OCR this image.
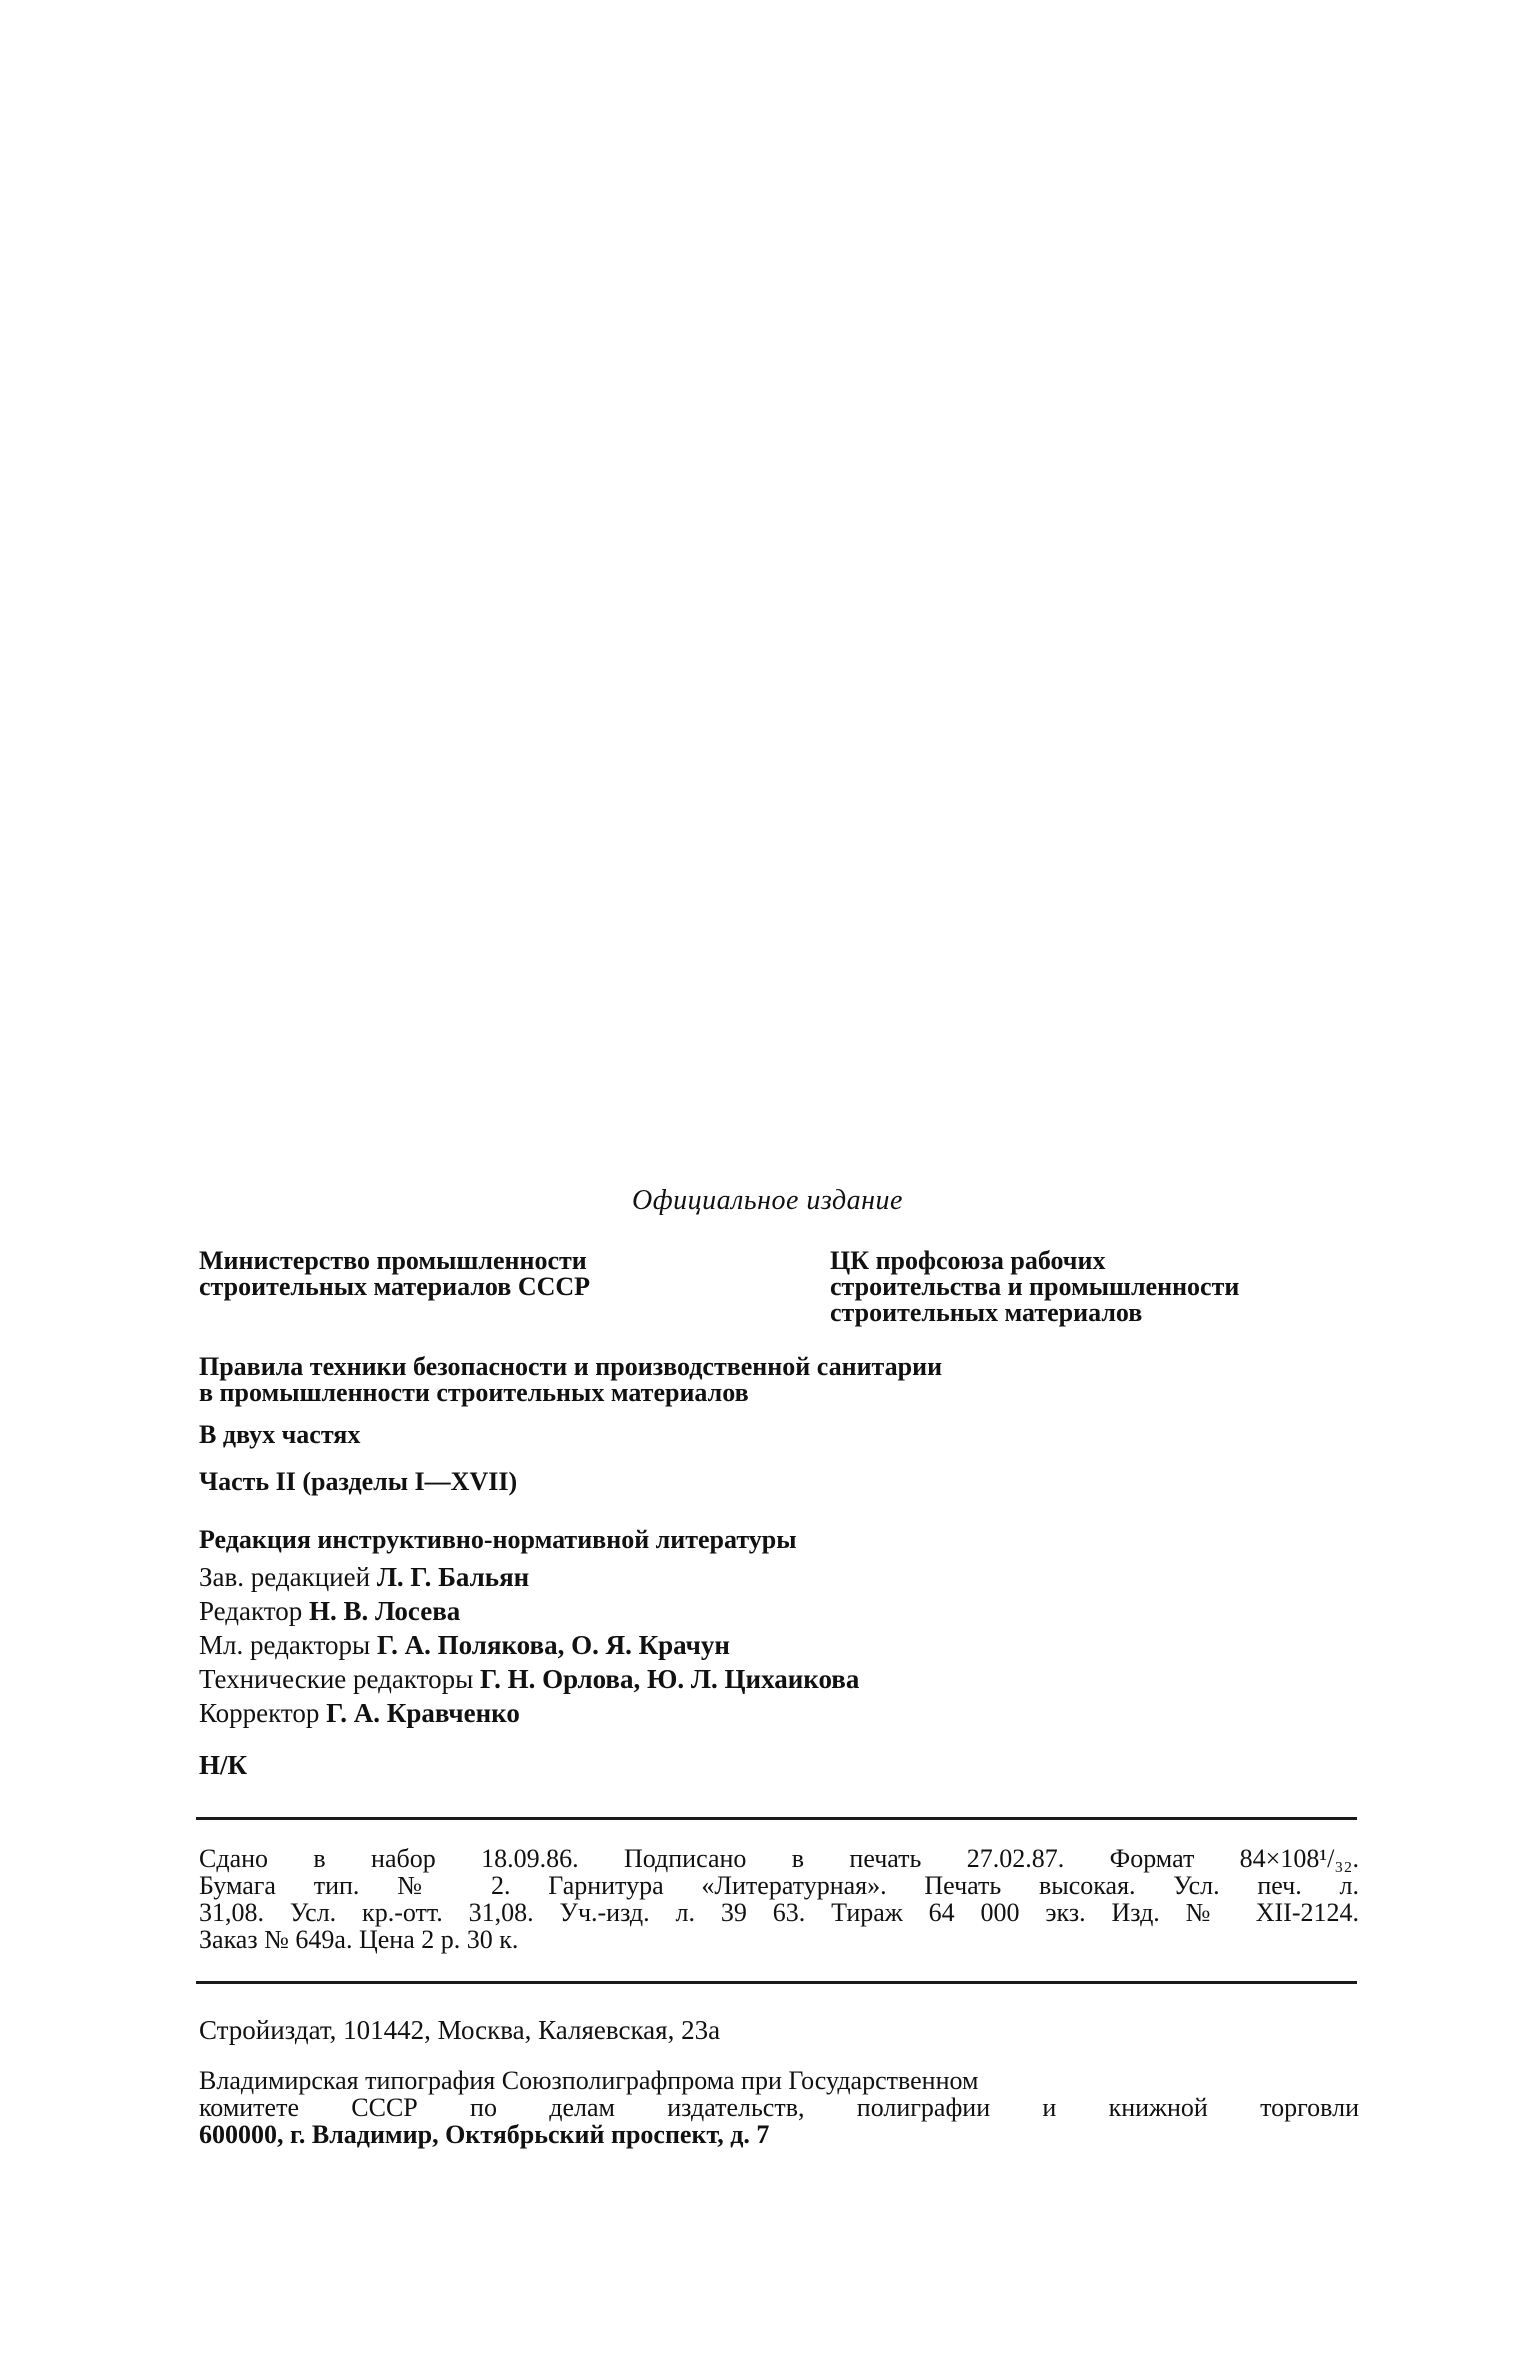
Официальное издание
Министерство промышленности
строительных материалов СССР
ЦК профсоюза рабочих
строительства и промышленности
строительных материалов
Правила техники безопасности и производственной санитарии
в промышленности строительных материалов
В двух частях
Часть II (разделы I—XVII)
Редакция инструктивно-нормативной литературы
Зав. редакцией Л. Г. Бальян
Редактор Н. В. Лосева
Мл. редакторы Г. А. Полякова, О. Я. Крачун
Технические редакторы Г. Н. Орлова, Ю. Л. Цихаикова
Корректор Г. А. Кравченко
Н/К
Сдано в набор 18.09.86. Подписано в печать 27.02.87. Формат 84×108¹/₃₂.
Бумага тип. № 2. Гарнитура «Литературная». Печать высокая. Усл. печ. л.
31,08. Усл. кр.-отт. 31,08. Уч.-изд. л. 39 63. Тираж 64 000 экз. Изд. № XII-2124.
Заказ № 649а. Цена 2 р. 30 к.
Стройиздат, 101442, Москва, Каляевская, 23а
Владимирская типография Союзполиграфпрома при Государственном
комитете СССР по делам издательств, полиграфии и книжной торговли
600000, г. Владимир, Октябрьский проспект, д. 7
